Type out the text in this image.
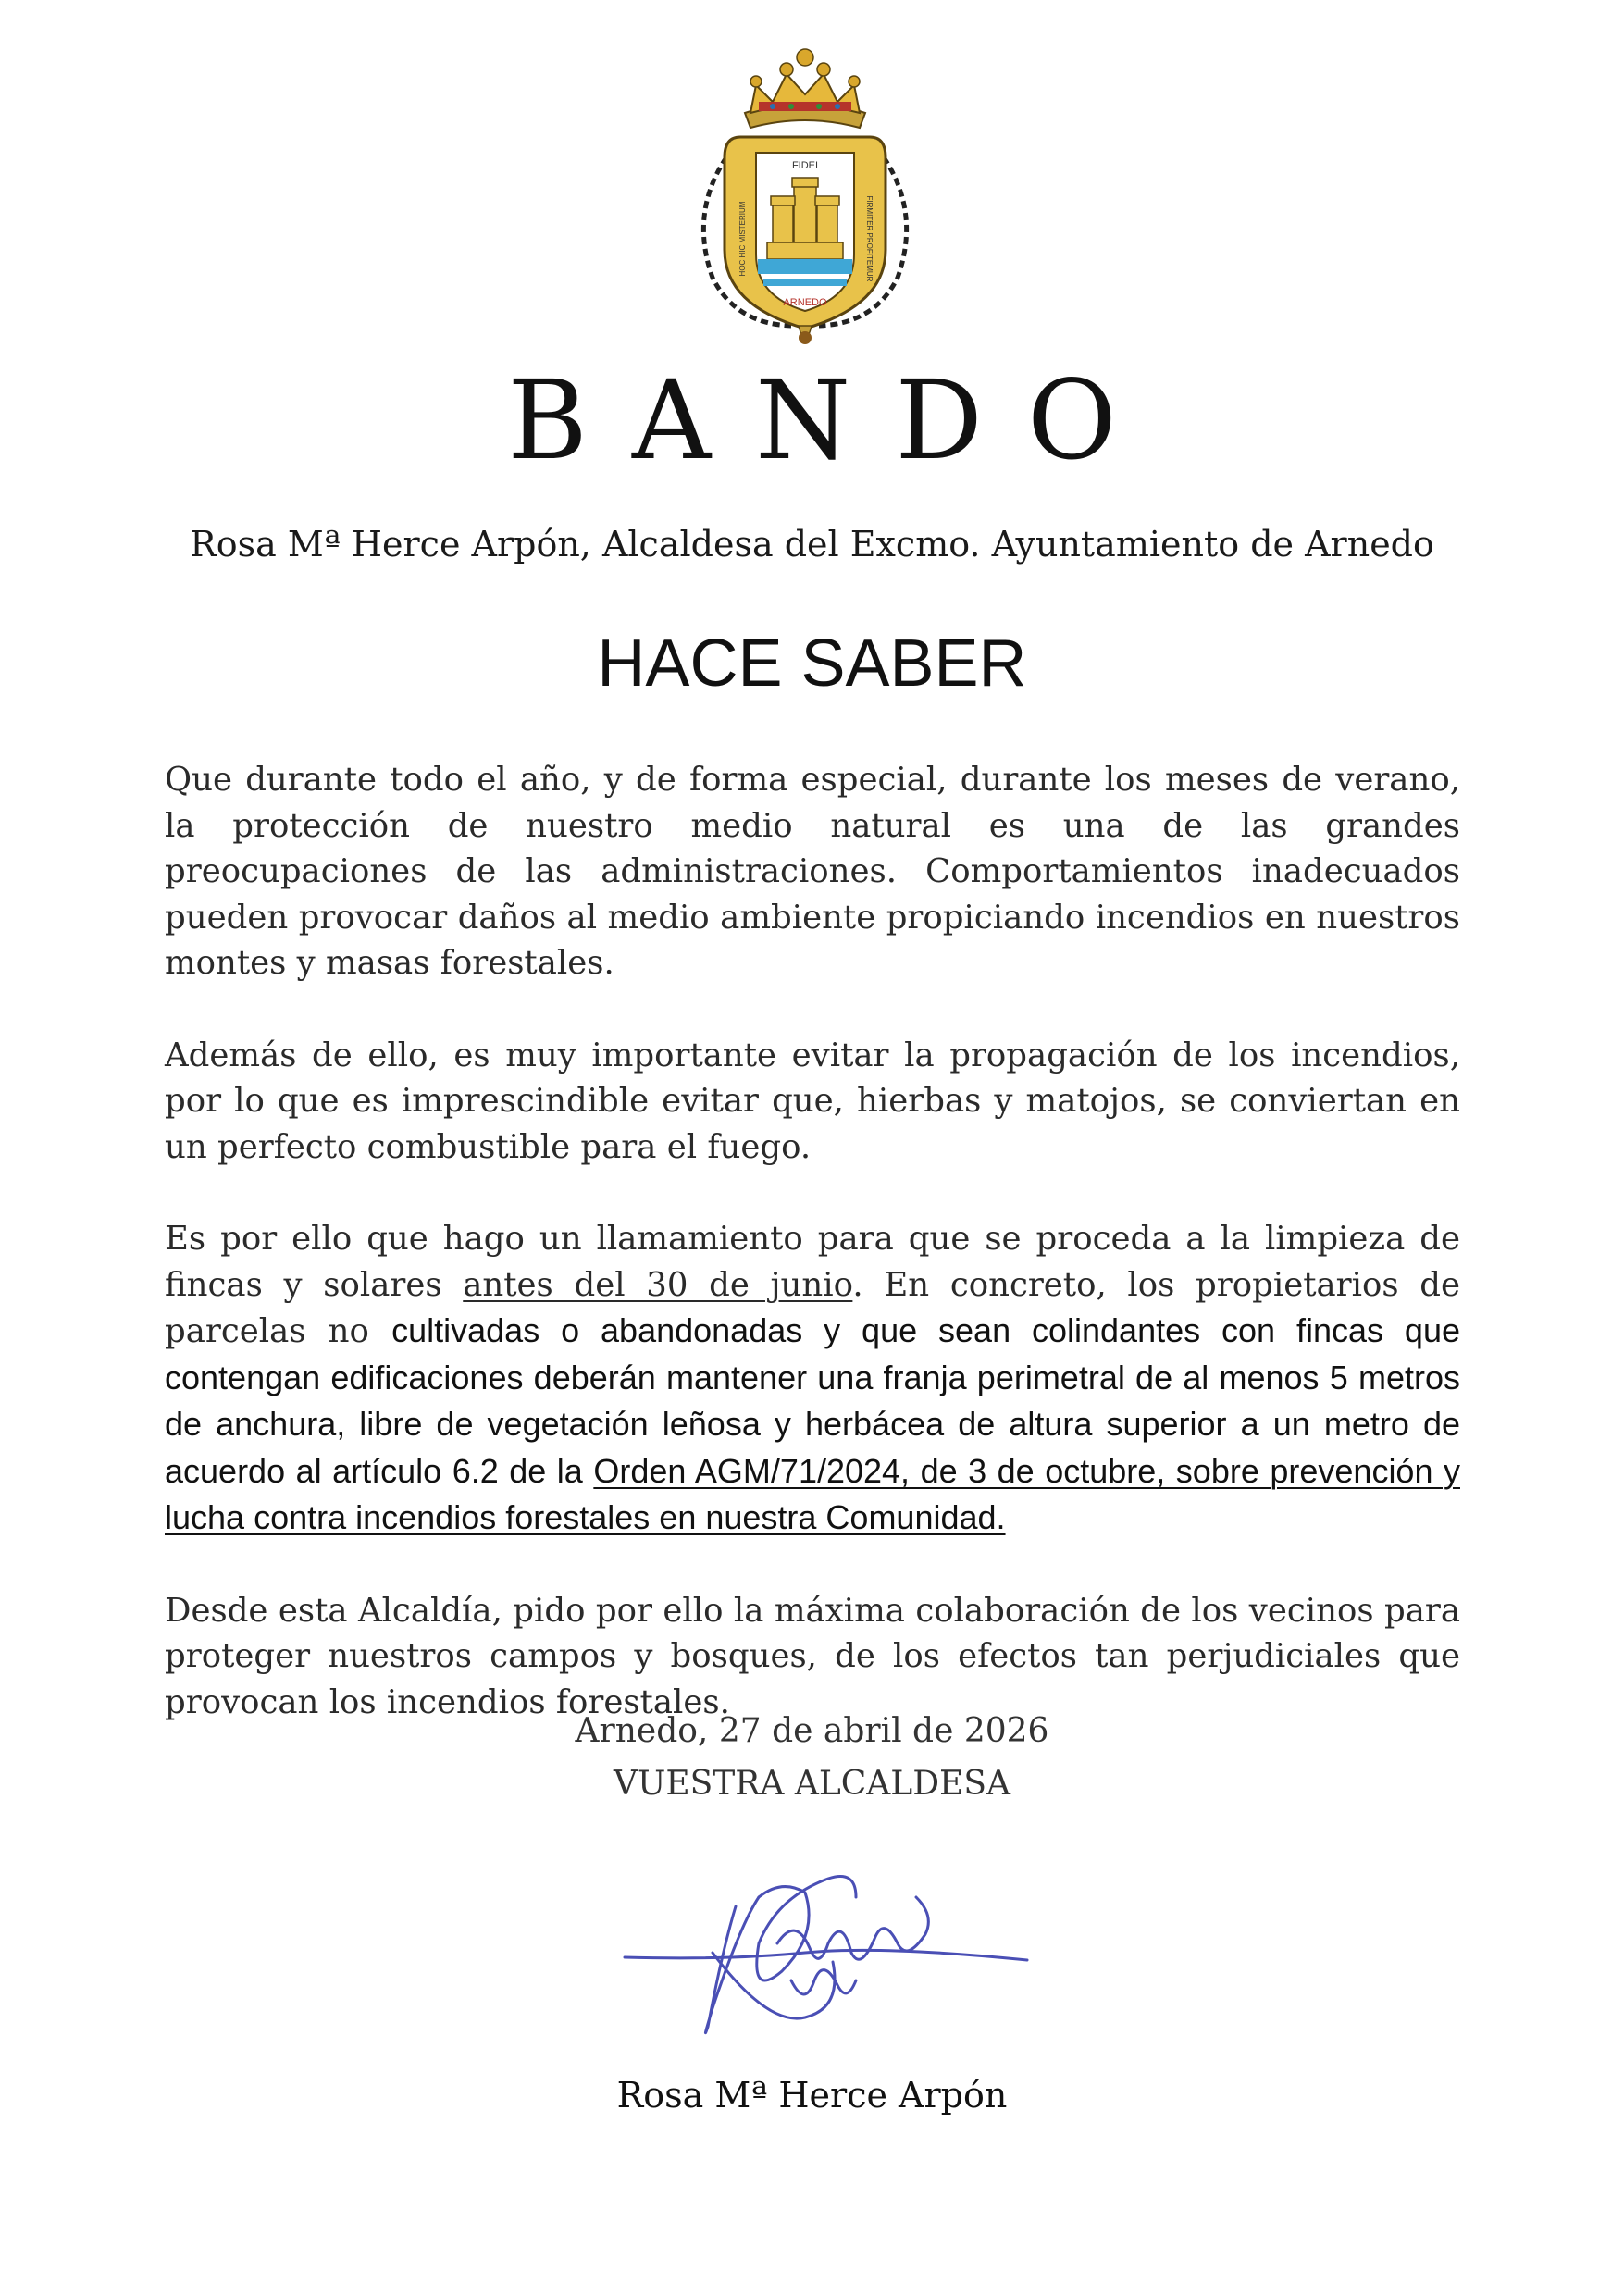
FIDEI
HOC HIC MISTERIUM	FIRMITER PROFITEMUR
ARNEDO
BANDO
Rosa Mª Herce Arpón, Alcaldesa del Excmo. Ayuntamiento de Arnedo
HACE SABER

Que durante todo el año, y de forma especial, durante los meses de verano, la protección de nuestro medio natural es una de las grandes preocupaciones de las administraciones. Comportamientos inadecuados pueden provocar daños al medio ambiente propiciando incendios en nuestros montes y masas forestales.

Además de ello, es muy importante evitar la propagación de los incendios, por lo que es imprescindible evitar que, hierbas y matojos, se conviertan en un perfecto combustible para el fuego.

Es por ello que hago un llamamiento para que se proceda a la limpieza de fincas y solares antes del 30 de junio. En concreto, los propietarios de parcelas no cultivadas o abandonadas y que sean colindantes con fincas que contengan edificaciones deberán mantener una franja perimetral de al menos 5 metros de anchura, libre de vegetación leñosa y herbácea de altura superior a un metro de acuerdo al artículo 6.2 de la Orden AGM/71/2024, de 3 de octubre, sobre prevención y lucha contra incendios forestales en nuestra Comunidad.

Desde esta Alcaldía, pido por ello la máxima colaboración de los vecinos para proteger nuestros campos y bosques, de los efectos tan perjudiciales que provocan los incendios forestales.

Arnedo, 27 de abril de 2026
VUESTRA ALCALDESA
Rosa Mª Herce Arpón
